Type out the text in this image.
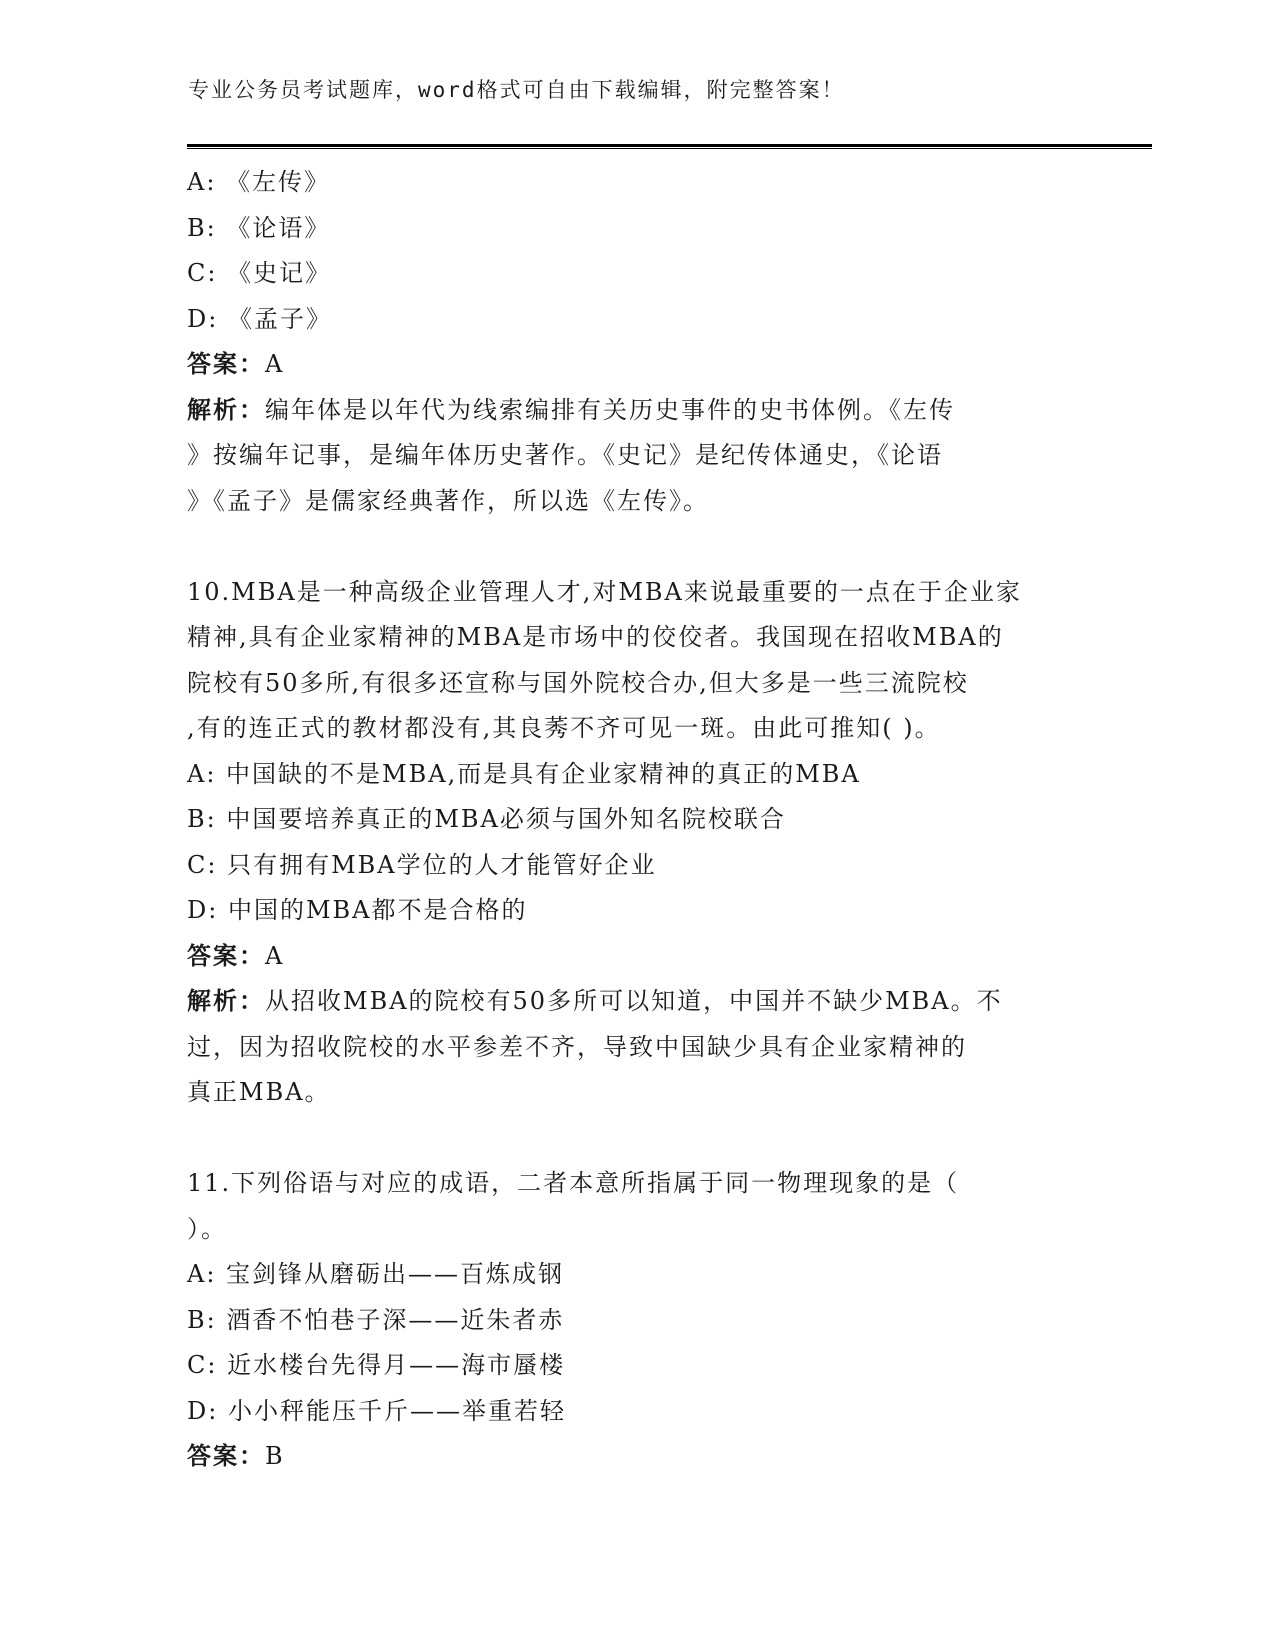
专业公务员考试题库，word格式可自由下载编辑，附完整答案！
A: 《左传》
B: 《论语》
C: 《史记》
D: 《孟子》
答案：A
解析：编年体是以年代为线索编排有关历史事件的史书体例。《左传
》按编年记事，是编年体历史著作。《史记》是纪传体通史，《论语
》《孟子》是儒家经典著作，所以选《左传》。
10.MBA是一种高级企业管理人才,对MBA来说最重要的一点在于企业家
精神,具有企业家精神的MBA是市场中的佼佼者。我国现在招收MBA的
院校有50多所,有很多还宣称与国外院校合办,但大多是一些三流院校
,有的连正式的教材都没有,其良莠不齐可见一斑。由此可推知( )。
A: 中国缺的不是MBA,而是具有企业家精神的真正的MBA
B: 中国要培养真正的MBA必须与国外知名院校联合
C: 只有拥有MBA学位的人才能管好企业
D: 中国的MBA都不是合格的
答案：A
解析：从招收MBA的院校有50多所可以知道，中国并不缺少MBA。不
过，因为招收院校的水平参差不齐，导致中国缺少具有企业家精神的
真正MBA。
11.下列俗语与对应的成语，二者本意所指属于同一物理现象的是（
）。
A: 宝剑锋从磨砺出——百炼成钢
B: 酒香不怕巷子深——近朱者赤
C: 近水楼台先得月——海市蜃楼
D: 小小秤能压千斤——举重若轻
答案：B
